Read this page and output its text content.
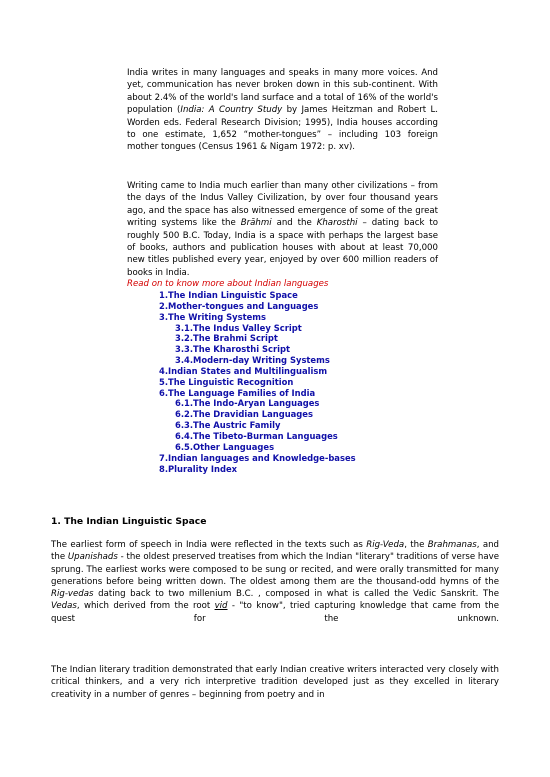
India writes in many languages and speaks in many more voices. And yet, communication has never broken down in this sub-continent. With about 2.4% of the world's land surface and a total of 16% of the world's population (India: A Country Study by James Heitzman and Robert L. Worden eds. Federal Research Division; 1995), India houses according to one estimate, 1,652 “mother-tongues” – including 103 foreign mother tongues (Census 1961 & Nigam 1972: p. xv).

Writing came to India much earlier than many other civilizations – from the days of the Indus Valley Civilization, by over four thousand years ago, and the space has also witnessed emergence of some of the great writing systems like the Brāhmi and the Kharosthi – dating back to roughly 500 B.C. Today, India is a space with perhaps the largest base of books, authors and publication houses with about at least 70,000 new titles published every year, enjoyed by over 600 million readers of books in India.

Read on to know more about Indian languages
1.The Indian Linguistic Space
2.Mother-tongues and Languages
3.The Writing Systems
3.1.The Indus Valley Script
3.2.The Brahmi Script
3.3.The Kharosthi Script
3.4.Modern-day Writing Systems
4.Indian States and Multilingualism
5.The Linguistic Recognition
6.The Language Families of India
6.1.The Indo-Aryan Languages
6.2.The Dravidian Languages
6.3.The Austric Family
6.4.The Tibeto-Burman Languages
6.5.Other Languages
7.Indian languages and Knowledge-bases
8.Plurality Index
1. The Indian Linguistic Space

The earliest form of speech in India were reflected in the texts such as Rig-Veda, the Brahmanas, and the Upanishads - the oldest preserved treatises from which the Indian "literary" traditions of verse have sprung. The earliest works were composed to be sung or recited, and were orally transmitted for many generations before being written down. The oldest among them are the thousand-odd hymns of the Rig-vedas dating back to two millenium B.C. , composed in what is called the Vedic Sanskrit. The Vedas, which derived from the root vid - "to know", tried capturing knowledge that came from the quest for the unknown.

The Indian literary tradition demonstrated that early Indian creative writers interacted very closely with critical thinkers, and a very rich interpretive tradition developed just as they excelled in literary creativity in a number of genres – beginning from poetry and in
